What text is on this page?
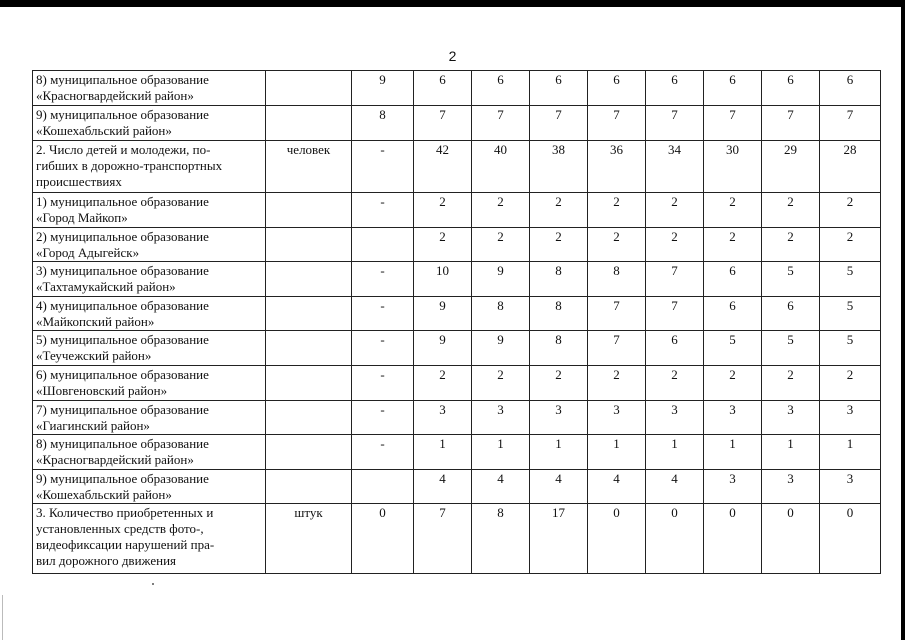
2
8) муниципальное образование
«Красногвардейский район»		9	6	6	6	6	6	6	6	6

9) муниципальное образование
«Кошехабльский район»		8	7	7	7	7	7	7	7	7

2. Число детей и молодежи, по-
гибших в дорожно-транспортных
происшествиях	человек	-	42	40	38	36	34	30	29	28

1) муниципальное образование
«Город Майкоп»		-	2	2	2	2	2	2	2	2

2) муниципальное образование
«Город Адыгейск»			2	2	2	2	2	2	2	2

3) муниципальное образование
«Тахтамукайский район»		-	10	9	8	8	7	6	5	5

4) муниципальное образование
«Майкопский район»		-	9	8	8	7	7	6	6	5

5) муниципальное образование
«Теучежский район»		-	9	9	8	7	6	5	5	5

6) муниципальное образование
«Шовгеновский район»		-	2	2	2	2	2	2	2	2

7) муниципальное образование
«Гиагинский район»		-	3	3	3	3	3	3	3	3

8) муниципальное образование
«Красногвардейский район»		-	1	1	1	1	1	1	1	1

9) муниципальное образование
«Кошехабльский район»			4	4	4	4	4	3	3	3

3. Количество приобретенных и
установленных средств фото-,
видеофиксации нарушений пра-
вил дорожного движения	штук	0	7	8	17	0	0	0	0	0
